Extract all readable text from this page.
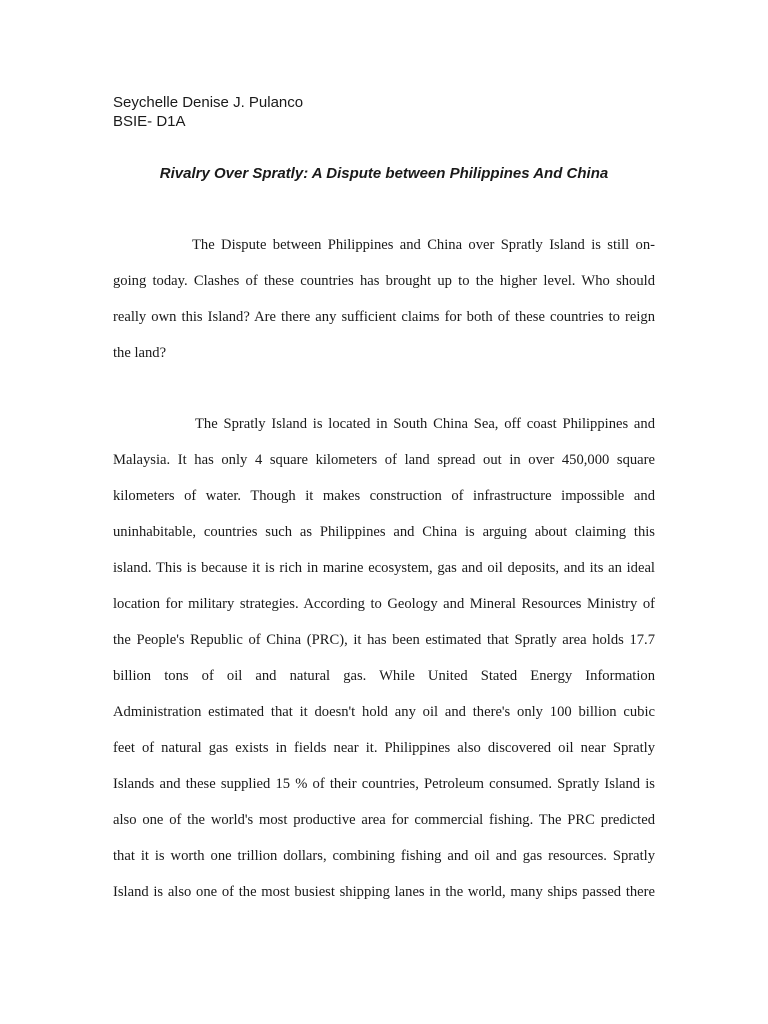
Seychelle Denise J. Pulanco
BSIE- D1A
Rivalry Over Spratly: A Dispute between Philippines And China
The Dispute between Philippines and China over Spratly Island is still on-
going today. Clashes of these countries has brought up to the higher level. Who should
really own this Island? Are there any sufficient claims for both of these countries to reign
the land?
The Spratly Island is located in South China Sea, off coast Philippines and
Malaysia. It has only 4 square kilometers of land spread out in over 450,000 square
kilometers of water. Though it makes construction of infrastructure impossible and
uninhabitable, countries such as Philippines and China is arguing about claiming this
island. This is because it is rich in marine ecosystem, gas and oil deposits, and its an ideal
location for military strategies. According to Geology and Mineral Resources Ministry of
the People's Republic of China (PRC), it has been estimated that Spratly area holds 17.7
billion tons of oil and natural gas. While United Stated Energy Information
Administration estimated that it doesn't hold any oil and there's only 100 billion cubic
feet of natural gas exists in fields near it. Philippines also discovered oil near Spratly
Islands and these supplied 15 % of their countries, Petroleum consumed. Spratly Island is
also one of the world's most productive area for commercial fishing. The PRC predicted
that it is worth one trillion dollars, combining fishing and oil and gas resources. Spratly
Island is also one of the most busiest shipping lanes in the world, many ships passed there
